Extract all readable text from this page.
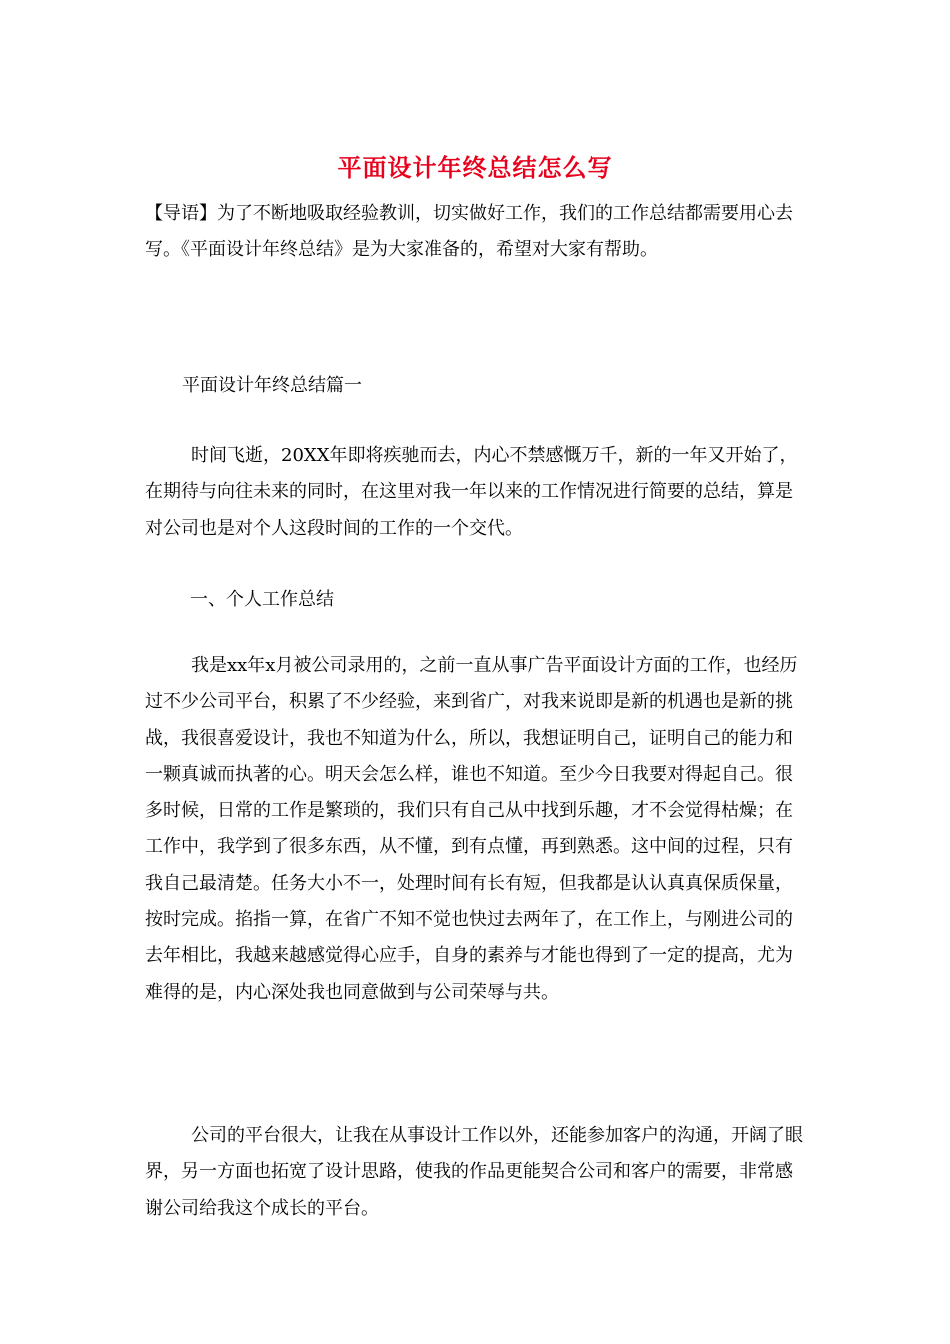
平面设计年终总结怎么写

【导语】为了不断地吸取经验教训，切实做好工作，我们的工作总结都需要用心去写。《平面设计年终总结》是为大家准备的，希望对大家有帮助。

平面设计年终总结篇一

时间飞逝，20XX年即将疾驰而去，内心不禁感慨万千，新的一年又开始了，在期待与向往未来的同时，在这里对我一年以来的工作情况进行简要的总结，算是对公司也是对个人这段时间的工作的一个交代。

一、个人工作总结

我是xx年x月被公司录用的，之前一直从事广告平面设计方面的工作，也经历过不少公司平台，积累了不少经验，来到省广，对我来说即是新的机遇也是新的挑战，我很喜爱设计，我也不知道为什么，所以，我想证明自己，证明自己的能力和一颗真诚而执著的心。明天会怎么样，谁也不知道。至少今日我要对得起自己。很多时候，日常的工作是繁琐的，我们只有自己从中找到乐趣，才不会觉得枯燥；在工作中，我学到了很多东西，从不懂，到有点懂，再到熟悉。这中间的过程，只有我自己最清楚。任务大小不一，处理时间有长有短，但我都是认认真真保质保量，按时完成。掐指一算，在省广不知不觉也快过去两年了，在工作上，与刚进公司的去年相比，我越来越感觉得心应手，自身的素养与才能也得到了一定的提高，尤为难得的是，内心深处我也同意做到与公司荣辱与共。

公司的平台很大，让我在从事设计工作以外，还能参加客户的沟通，开阔了眼界，另一方面也拓宽了设计思路，使我的作品更能契合公司和客户的需要，非常感谢公司给我这个成长的平台。
